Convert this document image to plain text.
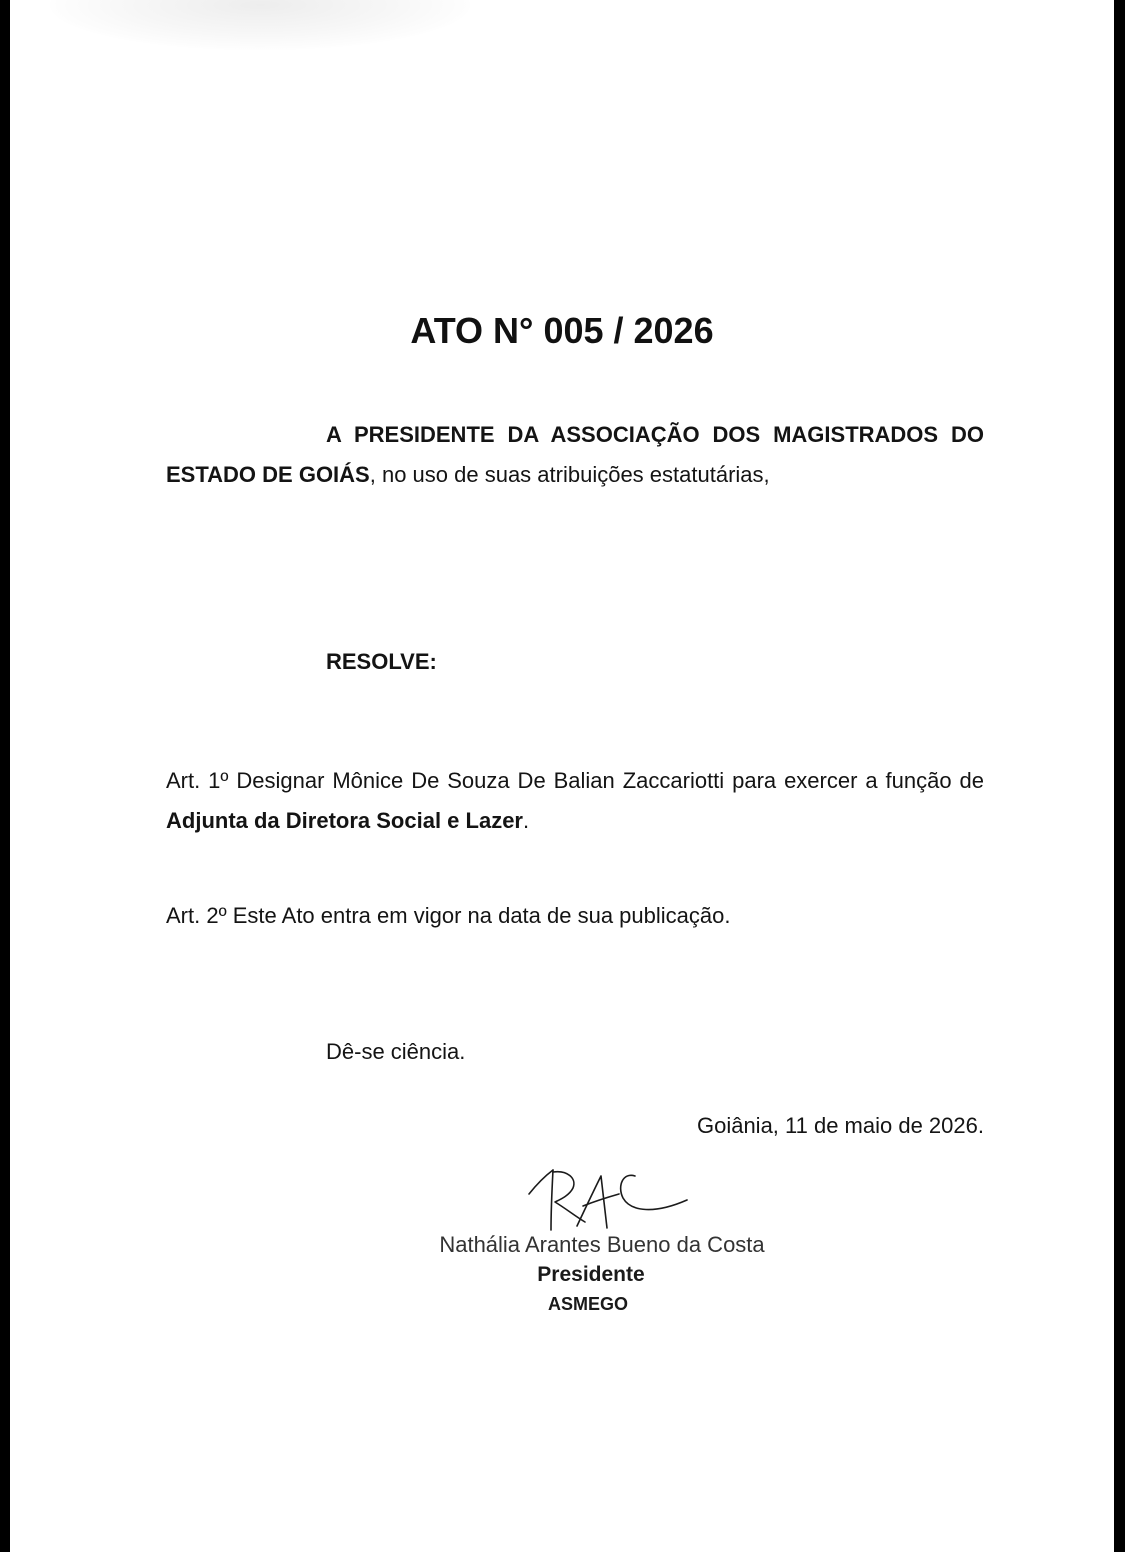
ATO N° 005 / 2026

A PRESIDENTE DA ASSOCIAÇÃO DOS MAGISTRADOS DO ESTADO DE GOIÁS, no uso de suas atribuições estatutárias,

RESOLVE:

Art. 1º Designar Mônice De Souza De Balian Zaccariotti para exercer a função de Adjunta da Diretora Social e Lazer.

Art. 2º Este Ato entra em vigor na data de sua publicação.

Dê-se ciência.

Goiânia, 11 de maio de 2026.

Nathália Arantes Bueno da Costa

Presidente

ASMEGO
